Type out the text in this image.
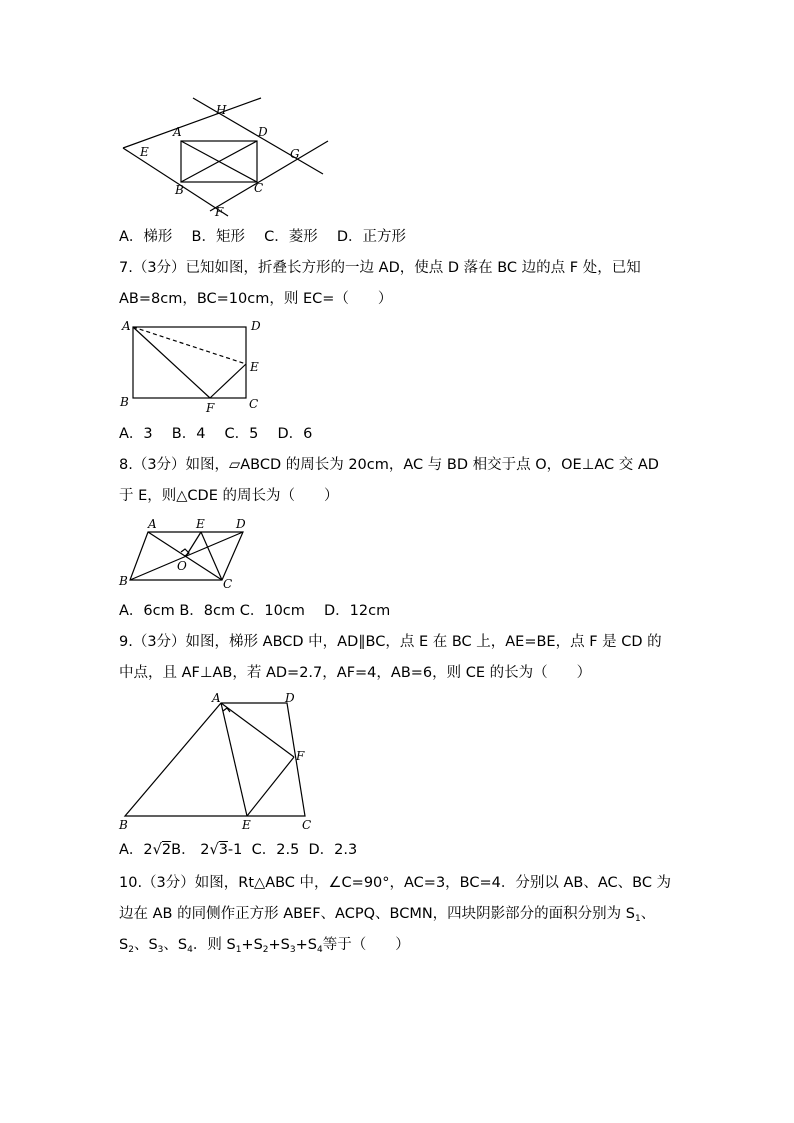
H
A	D
E	G
B	C
F
A．梯形　 B．矩形　 C．菱形　 D．正方形
7.（3分）已知如图，折叠长方形的一边 AD，使点 D 落在 BC 边的点 F 处，已知
AB=8cm，BC=10cm，则 EC=（　　）
A	D
E
B	F	C
A．3　 B．4　 C．5　 D．6
8.（3分）如图，▱ABCD 的周长为 20cm，AC 与 BD 相交于点 O，OE⊥AC 交 AD
于 E，则△CDE 的周长为（　　）
A	E	D
O
B	C
A．6cm B．8cm C．10cm　 D．12cm
9.（3分）如图，梯形 ABCD 中，AD∥BC，点 E 在 BC 上，AE=BE，点 F 是 CD 的
中点，且 AF⊥AB，若 AD=2.7，AF=4，AB=6，则 CE 的长为（　　）
A	D
F
B	E	C
A．2√2B． 2√3-1 C．2.5 D．2.3
10.（3分）如图，Rt△ABC 中，∠C=90°，AC=3，BC=4．分别以 AB、AC、BC 为
边在 AB 的同侧作正方形 ABEF、ACPQ、BCMN，四块阴影部分的面积分别为 $S_1$、
$S_2$、$S_3$、$S_4$．则 $S_1+S_2+S_3+S_4$等于（　　）
